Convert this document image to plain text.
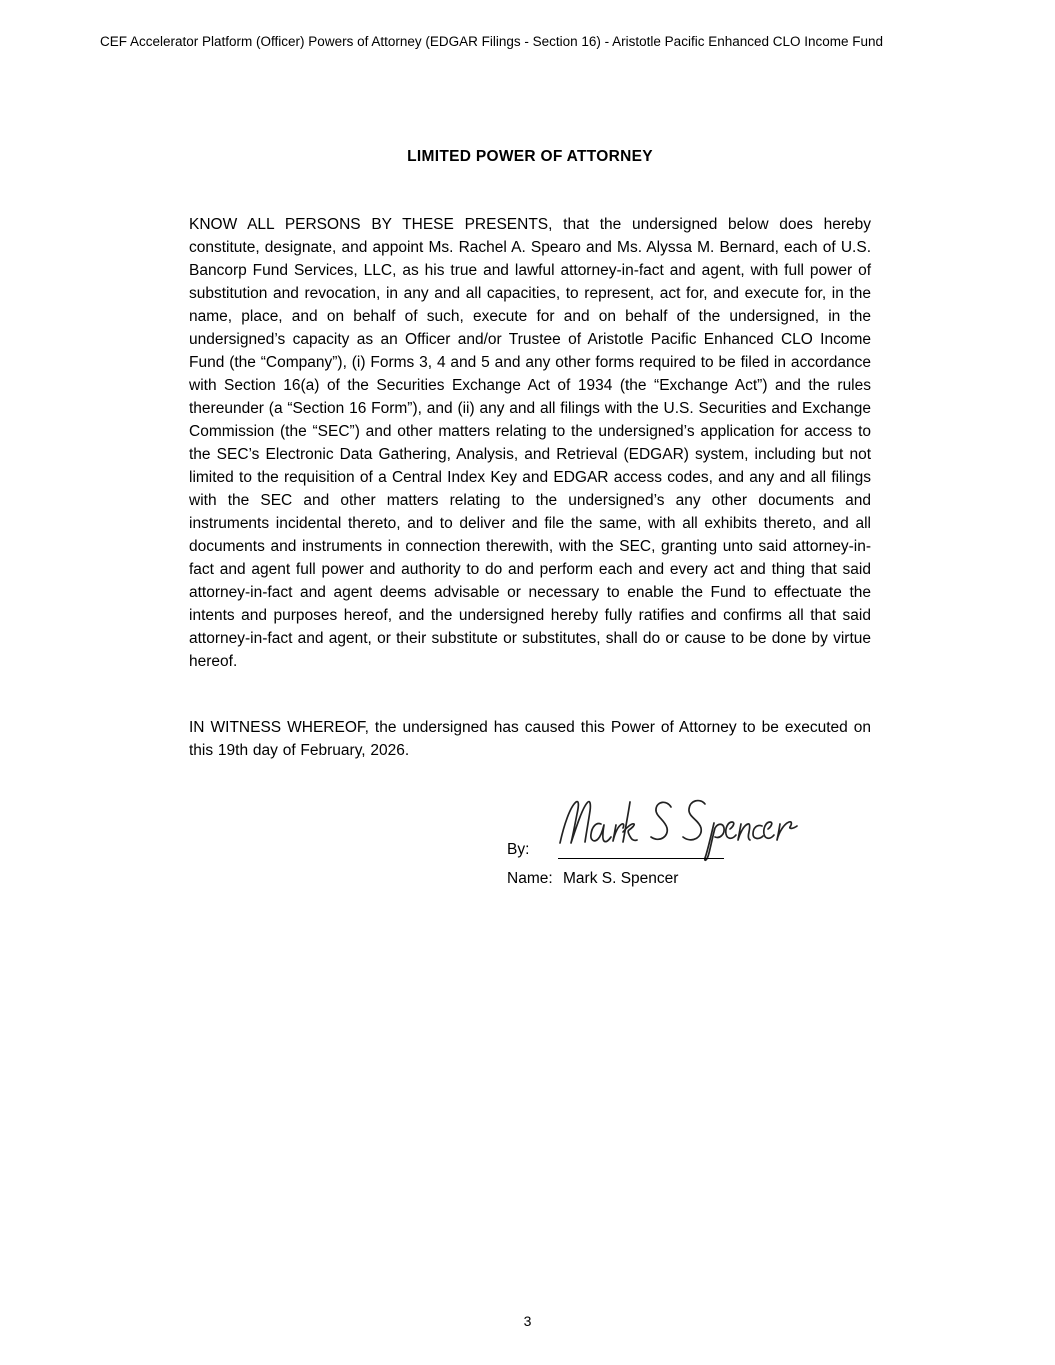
CEF Accelerator Platform (Officer) Powers of Attorney (EDGAR Filings - Section 16) - Aristotle Pacific Enhanced CLO Income Fund
LIMITED POWER OF ATTORNEY

KNOW ALL PERSONS BY THESE PRESENTS, that the undersigned below does hereby constitute, designate, and appoint Ms. Rachel A. Spearo and Ms. Alyssa M. Bernard, each of U.S. Bancorp Fund Services, LLC, as his true and lawful attorney-in-fact and agent, with full power of substitution and revocation, in any and all capacities, to represent, act for, and execute for, in the name, place, and on behalf of such, execute for and on behalf of the undersigned, in the undersigned’s capacity as an Officer and/or Trustee of Aristotle Pacific Enhanced CLO Income Fund (the “Company”), (i) Forms 3, 4 and 5 and any other forms required to be filed in accordance with Section 16(a) of the Securities Exchange Act of 1934 (the “Exchange Act”) and the rules thereunder (a “Section 16 Form”), and (ii) any and all filings with the U.S. Securities and Exchange Commission (the “SEC”) and other matters relating to the undersigned’s application for access to the SEC’s Electronic Data Gathering, Analysis, and Retrieval (EDGAR) system, including but not limited to the requisition of a Central Index Key and EDGAR access codes, and any and all filings with the SEC and other matters relating to the undersigned’s any other documents and instruments incidental thereto, and to deliver and file the same, with all exhibits thereto, and all documents and instruments in connection therewith, with the SEC, granting unto said attorney-in-fact and agent full power and authority to do and perform each and every act and thing that said attorney-in-fact and agent deems advisable or necessary to enable the Fund to effectuate the intents and purposes hereof, and the undersigned hereby fully ratifies and confirms all that said attorney-in-fact and agent, or their substitute or substitutes, shall do or cause to be done by virtue hereof.

IN WITNESS WHEREOF, the undersigned has caused this Power of Attorney to be executed on this 19th day of February, 2026.

By:
Name: Mark S. Spencer
3
